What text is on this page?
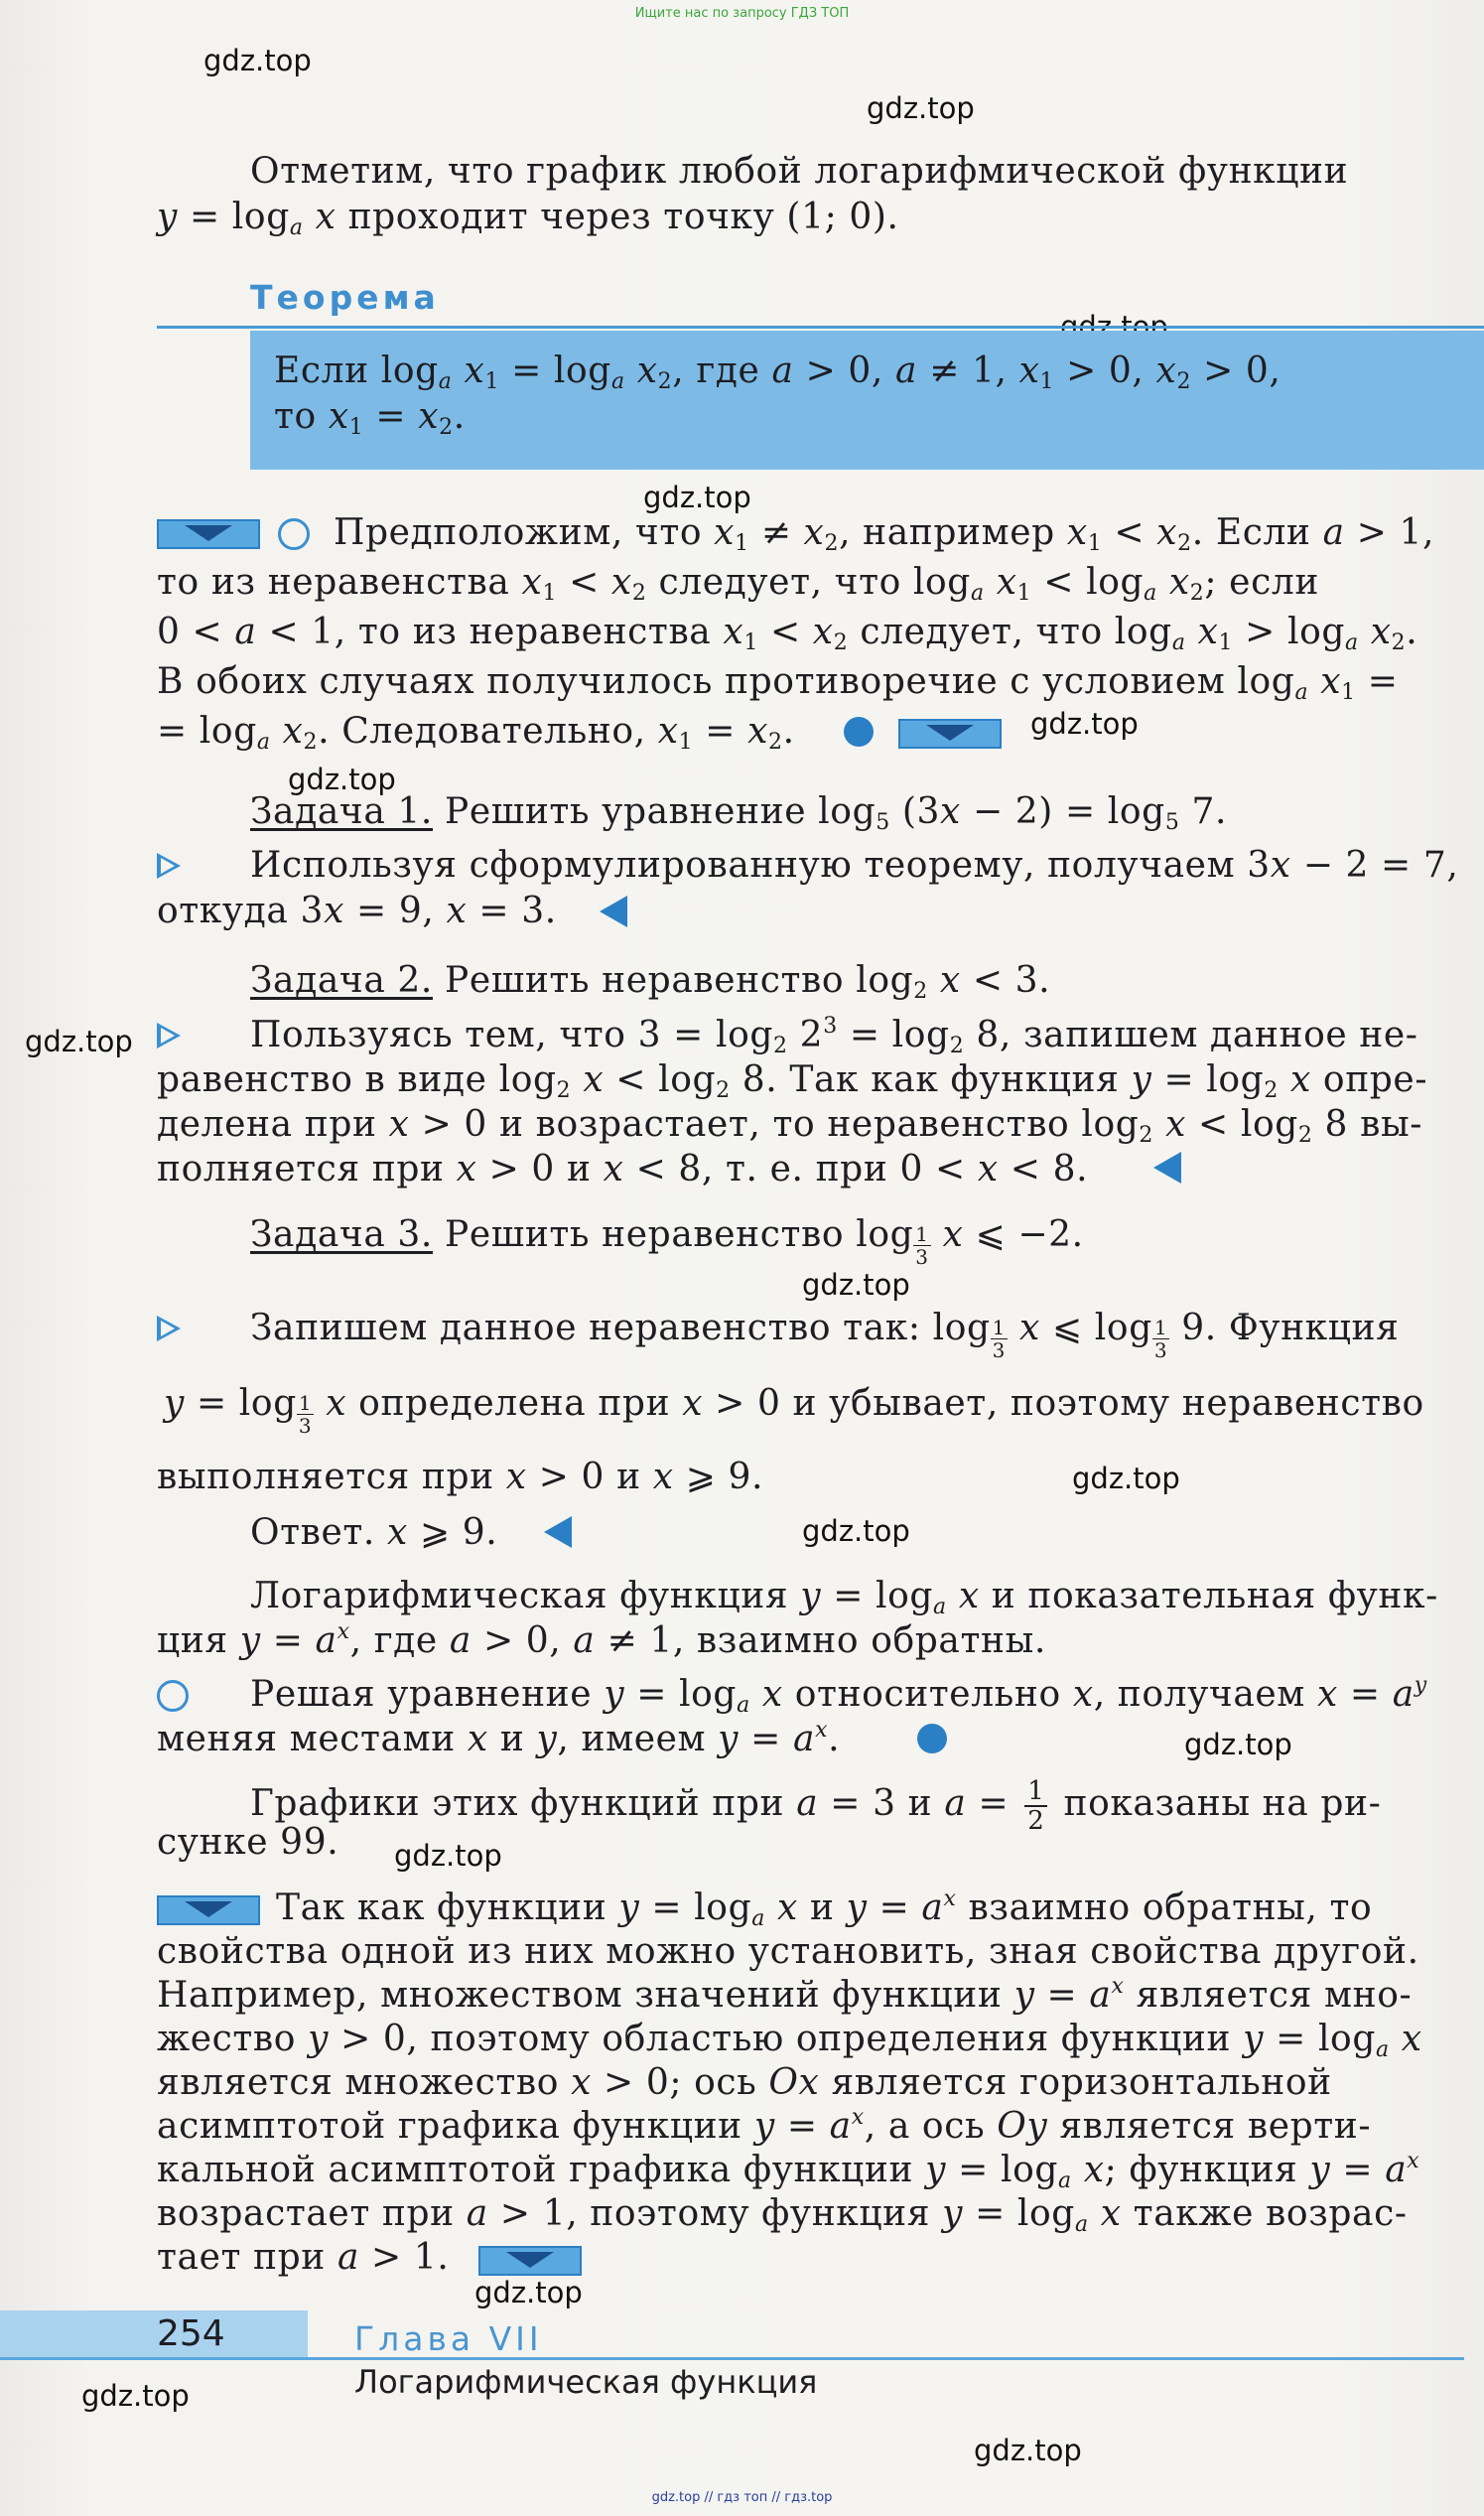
Ищите нас по запросу ГДЗ ТОП
gdz.top
gdz.top
gdz.top
gdz.top
gdz.top
gdz.top
gdz.top
gdz.top
gdz.top
gdz.top
gdz.top
gdz.top
gdz.top
gdz.top
Отметим, что график любой логарифмической функции
$y = \log_a x$ проходит через точку (1; 0).
Теорема
Если $\log_a x_1 = \log_a x_2$, где a > 0, a ≠ 1, $x_1 > 0$, $x_2 > 0$,
то $x_1 = x_2$.
Предположим, что $x_1 \ne x_2$, например $x_1 < x_2$. Если a > 1,
то из неравенства $x_1 < x_2$ следует, что $\log_a x_1 < \log_a x_2$; если
0 < a < 1, то из неравенства $x_1 < x_2$ следует, что $\log_a x_1 > \log_a x_2$.
В обоих случаях получилось противоречие с условием $\log_a x_1$ =
= $\log_a x_2$. Следовательно, $x_1 = x_2$.
Задача 1. Решить уравнение $\log_5 (3x - 2) = \log_5 7$.
Используя сформулированную теорему, получаем 3x − 2 = 7,
откуда 3x = 9, x = 3.
Задача 2. Решить неравенство $\log_2 x < 3$.
Пользуясь тем, что $3 = \log_2 2^3 = \log_2 8$, запишем данное не-
равенство в виде $\log_2 x < \log_2 8$. Так как функция $y = \log_2 x$ опре-
делена при x > 0 и возрастает, то неравенство $\log_2 x < \log_2 8$ вы-
полняется при x > 0 и x < 8, т. е. при 0 < x < 8.
Задача 3. Решить неравенство $\log \frac{1}{3}$ x ⩽ −2.
Запишем данное неравенство так: $\log \frac{1}{3}$ x ⩽ $\log \frac{1}{3} 9$. Функция
$y = \log \frac{1}{3}$ x определена при x > 0 и убывает, поэтому неравенство
выполняется при x > 0 и x ⩾ 9.
Ответ. x ⩾ 9.
Логарифмическая функция $y = \log_a x$ и показательная функ-
ция $y = a^x$, где a > 0, a ≠ 1, взаимно обратны.
Решая уравнение $y = \log_a x$ относительно x, получаем $x = a^y$
меняя местами x и y, имеем $y = a^x$.
Графики этих функций при a = 3 и $a = \frac{1}{2}$ показаны на ри-
сунке 99.
Так как функции $y = \log_a x$ и $y = a^x$ взаимно обратны, то
свойства одной из них можно установить, зная свойства другой.
Например, множеством значений функции $y = a^x$ является мно-
жество y > 0, поэтому областью определения функции $y = \log_a x$
является множество x > 0; ось Ox является горизонтальной
асимптотой графика функции $y = a^x$, а ось Oy является верти-
кальной асимптотой графика функции $y = \log_a x$; функция $y = a^x$
возрастает при a > 1, поэтому функция $y = \log_a x$ также возрас-
тает при a > 1.
254	Глава VII
Логарифмическая функция
gdz.top // гдз топ // гдз.top
